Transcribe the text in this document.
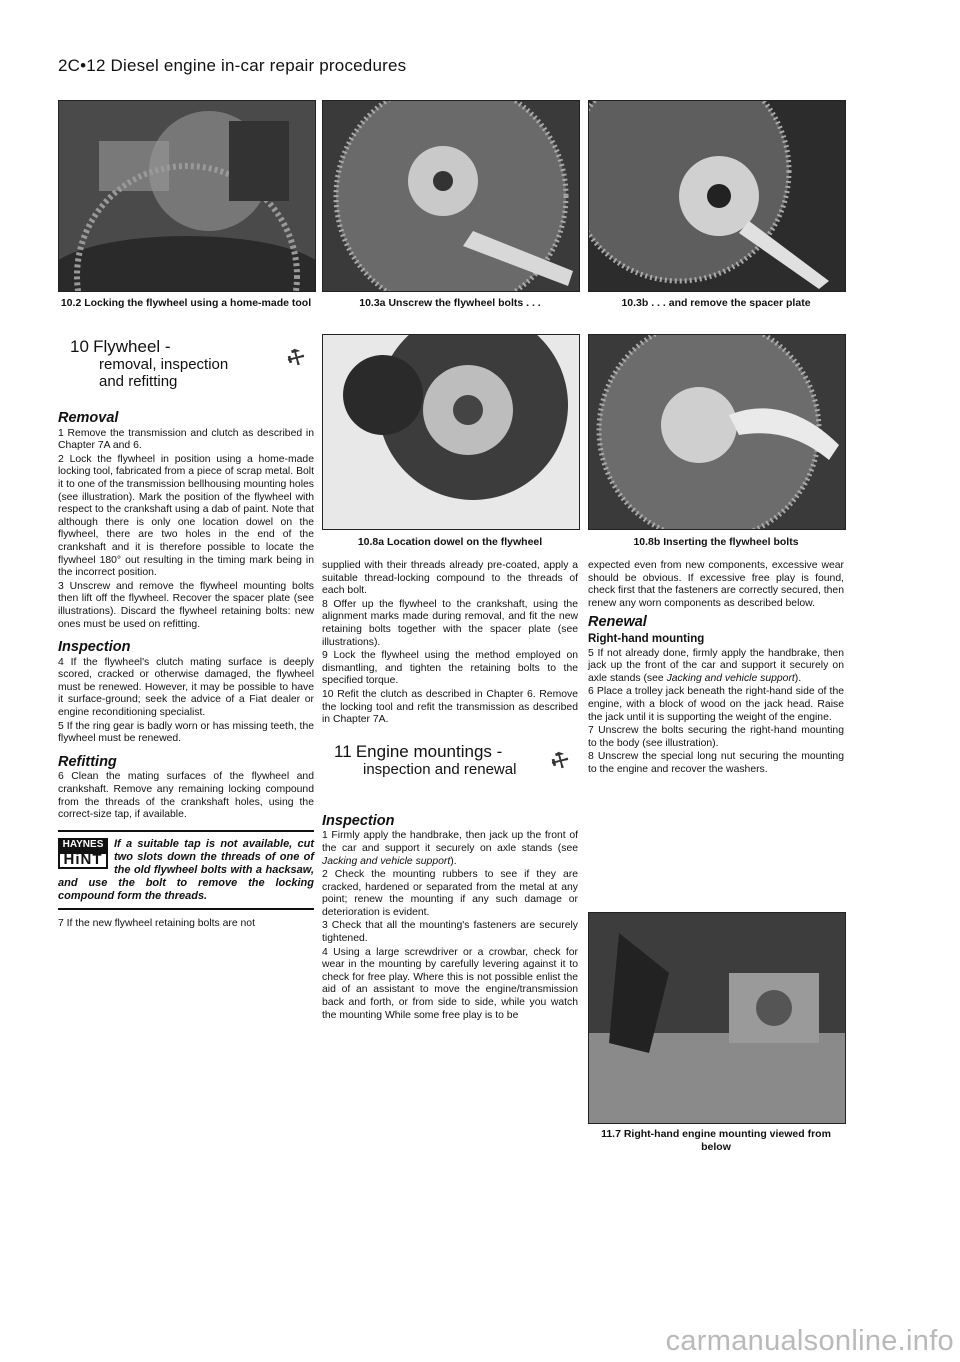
2C•12 Diesel engine in-car repair procedures
10.2 Locking the flywheel using a home-made tool	10.3a Unscrew the flywheel bolts . . .	10.3b . . . and remove the spacer plate
10.8a Location dowel on the flywheel	10.8b Inserting the flywheel bolts
10 Flywheel -
removal, inspection
and refitting
⚒
Removal

1 Remove the transmission and clutch as described in Chapter 7A and 6.

2 Lock the flywheel in position using a home-made locking tool, fabricated from a piece of scrap metal. Bolt it to one of the transmission bellhousing mounting holes (see illustration). Mark the position of the flywheel with respect to the crankshaft using a dab of paint. Note that although there is only one location dowel on the flywheel, there are two holes in the end of the crankshaft and it is therefore possible to locate the flywheel 180° out resulting in the timing mark being in the incorrect position.

3 Unscrew and remove the flywheel mounting bolts then lift off the flywheel. Recover the spacer plate (see illustrations). Discard the flywheel retaining bolts: new ones must be used on refitting.

Inspection

4 If the flywheel's clutch mating surface is deeply scored, cracked or otherwise damaged, the flywheel must be renewed. However, it may be possible to have it surface-ground; seek the advice of a Fiat dealer or engine reconditioning specialist.

5 If the ring gear is badly worn or has missing teeth, the flywheel must be renewed.

Refitting

6 Clean the mating surfaces of the flywheel and crankshaft. Remove any remaining locking compound from the threads of the crankshaft holes, using the correct-size tap, if available.

HAYNES
HiNT
If a suitable tap is not available, cut two slots down the threads of one of the old flywheel bolts with a hacksaw, and use the bolt to remove the locking compound form the threads.

7 If the new flywheel retaining bolts are not

supplied with their threads already pre-coated, apply a suitable thread-locking compound to the threads of each bolt.

8 Offer up the flywheel to the crankshaft, using the alignment marks made during removal, and fit the new retaining bolts together with the spacer plate (see illustrations).

9 Lock the flywheel using the method employed on dismantling, and tighten the retaining bolts to the specified torque.

10 Refit the clutch as described in Chapter 6. Remove the locking tool and refit the transmission as described in Chapter 7A.

11 Engine mountings -
inspection and renewal ⚒
Inspection

1 Firmly apply the handbrake, then jack up the front of the car and support it securely on axle stands (see Jacking and vehicle support).

2 Check the mounting rubbers to see if they are cracked, hardened or separated from the metal at any point; renew the mounting if any such damage or deterioration is evident.

3 Check that all the mounting's fasteners are securely tightened.

4 Using a large screwdriver or a crowbar, check for wear in the mounting by carefully levering against it to check for free play. Where this is not possible enlist the aid of an assistant to move the engine/transmission back and forth, or from side to side, while you watch the mounting While some free play is to be

expected even from new components, excessive wear should be obvious. If excessive free play is found, check first that the fasteners are correctly secured, then renew any worn components as described below.

Renewal
Right-hand mounting

5 If not already done, firmly apply the handbrake, then jack up the front of the car and support it securely on axle stands (see Jacking and vehicle support).

6 Place a trolley jack beneath the right-hand side of the engine, with a block of wood on the jack head. Raise the jack until it is supporting the weight of the engine.

7 Unscrew the bolts securing the right-hand mounting to the body (see illustration).

8 Unscrew the special long nut securing the mounting to the engine and recover the washers.

11.7 Right-hand engine mounting viewed from below
carmanualsonline.info
